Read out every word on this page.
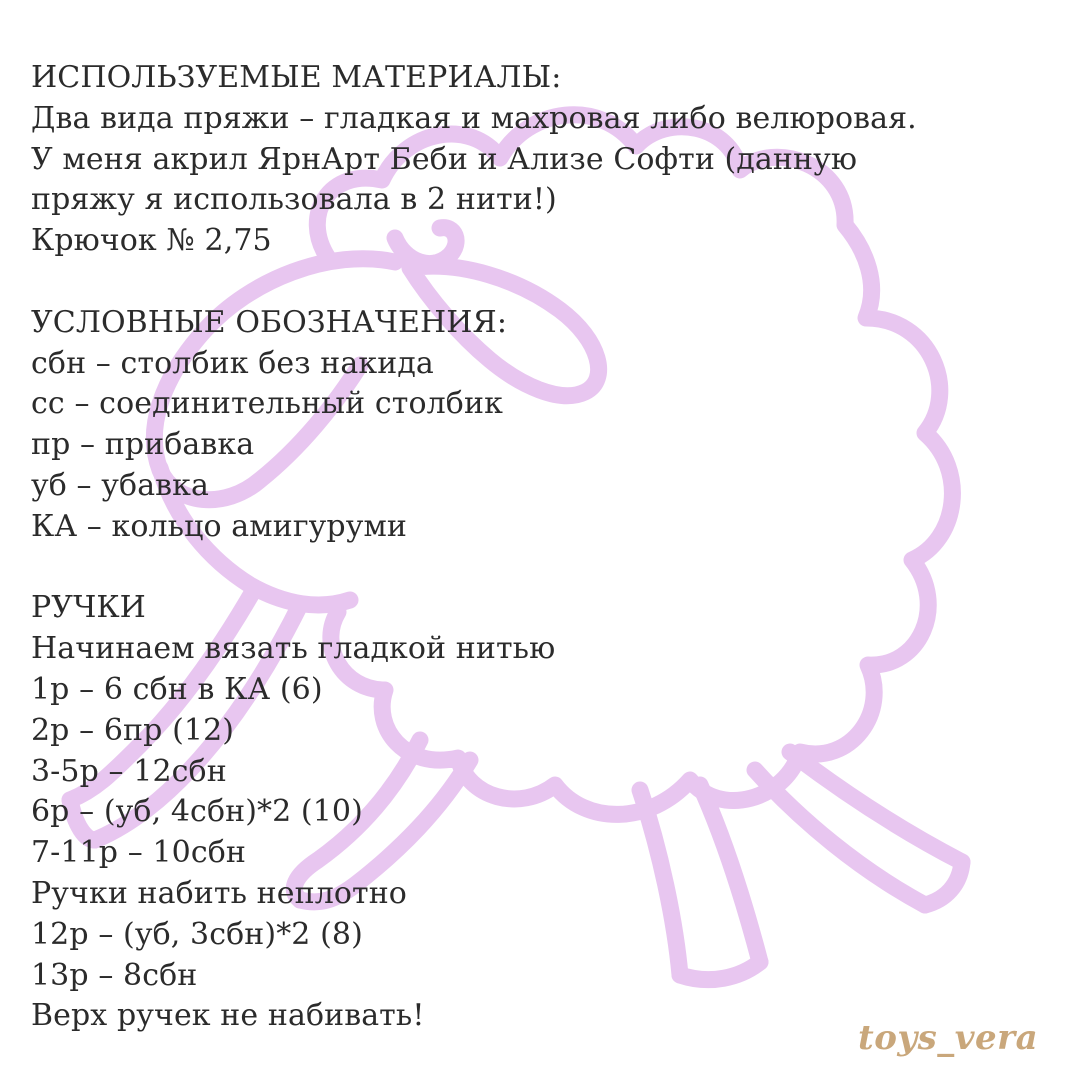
ИСПОЛЬЗУЕМЫЕ МАТЕРИАЛЫ:
Два вида пряжи – гладкая и махровая либо велюровая.
У меня акрил ЯрнАрт Беби и Ализе Софти (данную
пряжу я использовала в 2 нити!)
Крючок № 2,75
УСЛОВНЫЕ ОБОЗНАЧЕНИЯ:
сбн – столбик без накида
сс – соединительный столбик
пр – прибавка
уб – убавка
КА – кольцо амигуруми
РУЧКИ
Начинаем вязать гладкой нитью
1р – 6 сбн в КА (6)
2р – 6пр (12)
3-5р – 12сбн
6р – (уб, 4сбн)*2 (10)
7-11р – 10сбн
Ручки набить неплотно
12р – (уб, 3сбн)*2 (8)
13р – 8сбн
Верх ручек не набивать!
toys_vera
